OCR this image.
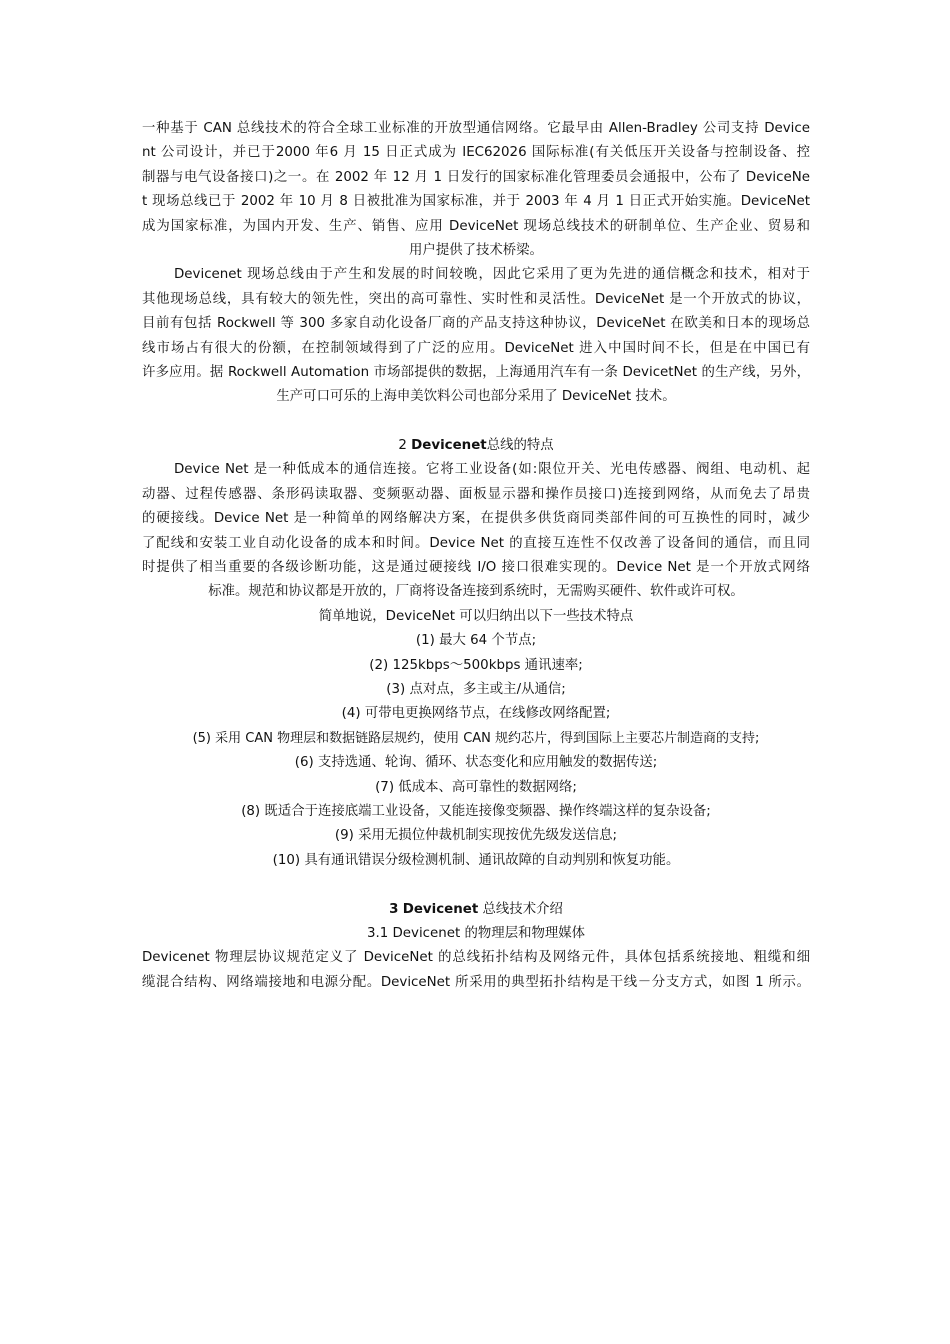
一种基于 CAN 总线技术的符合全球工业标准的开放型通信网络。它最早由 Allen-Bradley 公司支持 Device
nt 公司设计，并已于2000 年6 月 15 日正式成为 IEC62026 国际标准(有关低压开关设备与控制设备、控
制器与电气设备接口)之一。在 2002 年 12 月 1 日发行的国家标准化管理委员会通报中，公布了 DeviceNe
t 现场总线已于 2002 年 10 月 8 日被批准为国家标准，并于 2003 年 4 月 1 日正式开始实施。DeviceNet
成为国家标准，为国内开发、生产、销售、应用 DeviceNet 现场总线技术的研制单位、生产企业、贸易和
用户提供了技术桥梁。
Devicenet 现场总线由于产生和发展的时间较晚，因此它采用了更为先进的通信概念和技术，相对于
其他现场总线，具有较大的领先性，突出的高可靠性、实时性和灵活性。DeviceNet 是一个开放式的协议，
目前有包括 Rockwell 等 300 多家自动化设备厂商的产品支持这种协议，DeviceNet 在欧美和日本的现场总
线市场占有很大的份额，在控制领域得到了广泛的应用。DeviceNet 进入中国时间不长，但是在中国已有
许多应用。据 Rockwell Automation 市场部提供的数据，上海通用汽车有一条 DevicetNet 的生产线，另外，
生产可口可乐的上海申美饮料公司也部分采用了 DeviceNet 技术。
2 Devicenet总线的特点
Device Net 是一种低成本的通信连接。它将工业设备(如:限位开关、光电传感器、阀组、电动机、起
动器、过程传感器、条形码读取器、变频驱动器、面板显示器和操作员接口)连接到网络，从而免去了昂贵
的硬接线。Device Net 是一种简单的网络解决方案，在提供多供货商同类部件间的可互换性的同时，减少
了配线和安装工业自动化设备的成本和时间。Device Net 的直接互连性不仅改善了设备间的通信，而且同
时提供了相当重要的各级诊断功能，这是通过硬接线 I/O 接口很难实现的。Device Net 是一个开放式网络
标准。规范和协议都是开放的，厂商将设备连接到系统时，无需购买硬件、软件或许可权。
简单地说，DeviceNet 可以归纳出以下一些技术特点
(1) 最大 64 个节点;
(2) 125kbps～500kbps 通讯速率;
(3) 点对点，多主或主/从通信;
(4) 可带电更换网络节点，在线修改网络配置;
(5) 采用 CAN 物理层和数据链路层规约，使用 CAN 规约芯片，得到国际上主要芯片制造商的支持;
(6) 支持选通、轮询、循环、状态变化和应用触发的数据传送;
(7) 低成本、高可靠性的数据网络;
(8) 既适合于连接底端工业设备，又能连接像变频器、操作终端这样的复杂设备;
(9) 采用无损位仲裁机制实现按优先级发送信息;
(10) 具有通讯错误分级检测机制、通讯故障的自动判别和恢复功能。
3 Devicenet 总线技术介绍
3.1 Devicenet 的物理层和物理媒体
Devicenet 物理层协议规范定义了 DeviceNet 的总线拓扑结构及网络元件，具体包括系统接地、粗缆和细
缆混合结构、网络端接地和电源分配。DeviceNet 所采用的典型拓扑结构是干线－分支方式，如图 1 所示。
